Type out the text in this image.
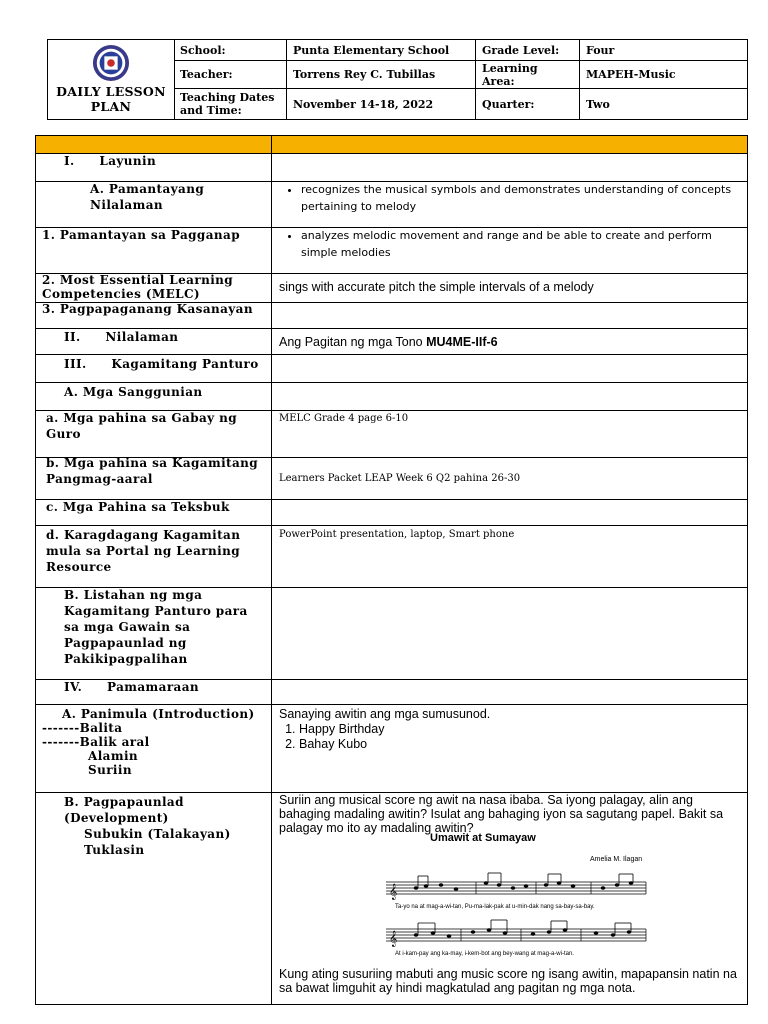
DAILY LESSON PLAN
School:	Punta Elementary School	Grade Level:	Four
Teacher:	Torrens Rey C. Tubillas	Learning Area:	MAPEH-Music
Teaching Dates and Time:	November 14-18, 2022	Quarter:	Two
I.  Layunin
A. Pamantayang Nilalaman
• recognizes the musical symbols and demonstrates understanding of concepts pertaining to melody
1. Pamantayan sa Pagganap
•	analyzes melodic movement and range and be able to create and perform simple melodies
2. Most Essential Learning Competencies (MELC)	sings with accurate pitch the simple intervals of a melody
3. Pagpapaganang Kasanayan
II.  Nilalaman	Ang Pagitan ng mga Tono MU4ME-IIf-6
III.  Kagamitang Panturo
A. Mga Sanggunian
a. Mga pahina sa Gabay ng Guro
MELC Grade 4 page 6-10
b. Mga pahina sa Kagamitang Pangmag-aaral	Learners Packet LEAP Week 6 Q2 pahina 26-30
c. Mga Pahina sa Teksbuk
d. Karagdagang Kagamitan mula sa Portal ng Learning Resource
PowerPoint presentation, laptop, Smart phone
B. Listahan ng mga Kagamitang Panturo para sa mga Gawain sa Pagpapaunlad ng Pakikipagpalihan
IV.  Pamamaraan
A. Panimula (Introduction)
-------Balita
-------Balik aral
Alamin
Suriin
Sanaying awitin ang mga sumusunod.
1. Happy Birthday
2. Bahay Kubo
B. Pagpapaunlad (Development)
Subukin (Talakayan)
Tuklasin
Suriin ang musical score ng awit na nasa ibaba. Sa iyong palagay, alin ang bahaging madaling awitin? Isulat ang bahaging iyon sa sagutang papel. Bakit sa palagay mo ito ay madaling awitin?
𝄞
𝄞
Ta-yo na at mag-a-wi-tan, Pu-ma-lak-pak at u-min-dak nang sa-bay-sa-bay.
At i-kam-pay ang ka-may, i-kem-bot ang bey-wang at mag-a-wi-tan.
Kung ating susuriing mabuti ang music score ng isang awitin, mapapansin natin na sa bawat limguhit ay hindi magkatulad ang pagitan ng mga nota.
Umawit at Sumayaw
Amelia M. Ilagan
